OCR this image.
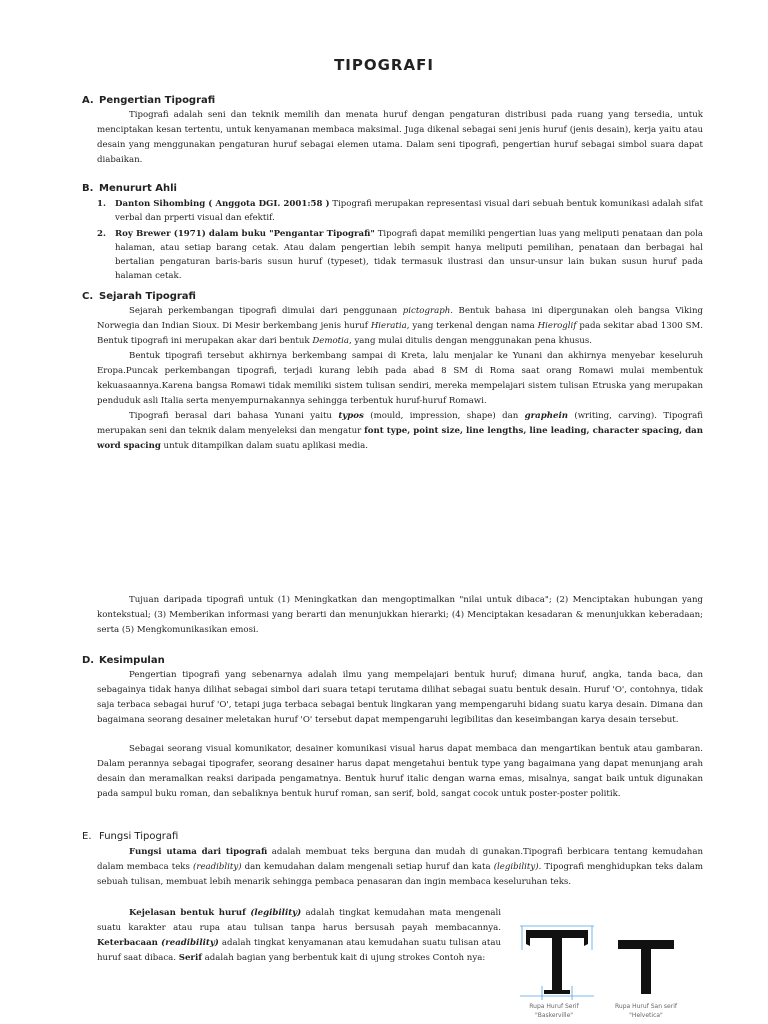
TIPOGRAFI
A. Pengertian Tipografi

Tipografi adalah seni dan teknik memilih dan menata huruf dengan pengaturan distribusi pada ruang yang tersedia, untuk menciptakan kesan tertentu, untuk kenyamanan membaca maksimal. Juga dikenal sebagai seni jenis huruf (jenis desain), kerja yaitu atau desain yang menggunakan pengaturan huruf sebagai elemen utama. Dalam seni tipografi, pengertian huruf sebagai simbol suara dapat diabaikan.

B. Menururt Ahli
1.	Danton Sihombing ( Anggota DGI. 2001:58 ) Tipografi merupakan representasi visual dari sebuah bentuk komunikasi adalah sifat verbal dan prperti visual dan efektif.
2.	Roy Brewer (1971) dalam buku "Pengantar Tipografi" Tipografi dapat memiliki pengertian luas yang meliputi penataan dan pola halaman, atau setiap barang cetak. Atau dalam pengertian lebih sempit hanya meliputi pemilihan, penataan dan berbagai hal bertalian pengaturan baris-baris susun huruf (typeset), tidak termasuk ilustrasi dan unsur-unsur lain bukan susun huruf pada halaman cetak.
C. Sejarah Tipografi

Sejarah perkembangan tipografi dimulai dari penggunaan pictograph. Bentuk bahasa ini dipergunakan oleh bangsa Viking Norwegia dan Indian Sioux. Di Mesir berkembang jenis huruf Hieratia, yang terkenal dengan nama Hieroglif pada sekitar abad 1300 SM. Bentuk tipografi ini merupakan akar dari bentuk Demotia, yang mulai ditulis dengan menggunakan pena khusus.

Bentuk tipografi tersebut akhirnya berkembang sampai di Kreta, lalu menjalar ke Yunani dan akhirnya menyebar keseluruh Eropa.Puncak perkembangan tipografi, terjadi kurang lebih pada abad 8 SM di Roma saat orang Romawi mulai membentuk kekuasaannya.Karena bangsa Romawi tidak memiliki sistem tulisan sendiri, mereka mempelajari sistem tulisan Etruska yang merupakan penduduk asli Italia serta menyempurnakannya sehingga terbentuk huruf-huruf Romawi.

Tipografi berasal dari bahasa Yunani yaitu typos (mould, impression, shape) dan graphein (writing, carving). Tipografi merupakan seni dan teknik dalam menyeleksi dan mengatur font type, point size, line lengths, line leading, character spacing, dan word spacing untuk ditampilkan dalam suatu aplikasi media.

Tujuan daripada tipografi untuk (1) Meningkatkan dan mengoptimalkan "nilai untuk dibaca"; (2) Menciptakan hubungan yang kontekstual; (3) Memberikan informasi yang berarti dan menunjukkan hierarki; (4) Menciptakan kesadaran & menunjukkan keberadaan; serta (5) Mengkomunikasikan emosi.

D. Kesimpulan

Pengertian tipografi yang sebenarnya adalah ilmu yang mempelajari bentuk huruf; dimana huruf, angka, tanda baca, dan sebagainya tidak hanya dilihat sebagai simbol dari suara tetapi terutama dilihat sebagai suatu bentuk desain. Huruf 'O', contohnya, tidak saja terbaca sebagai huruf 'O', tetapi juga terbaca sebagai bentuk lingkaran yang mempengaruhi bidang suatu karya desain. Dimana dan bagaimana seorang desainer meletakan huruf 'O' tersebut dapat mempengaruhi legibilitas dan keseimbangan karya desain tersebut.

Sebagai seorang visual komunikator, desainer komunikasi visual harus dapat membaca dan mengartikan bentuk atau gambaran. Dalam perannya sebagai tipografer, seorang desainer harus dapat mengetahui bentuk type yang bagaimana yang dapat menunjang arah desain dan meramalkan reaksi daripada pengamatnya. Bentuk huruf italic dengan warna emas, misalnya, sangat baik untuk digunakan pada sampul buku roman, dan sebaliknya bentuk huruf roman, san serif, bold, sangat cocok untuk poster-poster politik.

E. Fungsi Tipografi

Fungsi utama dari tipografi adalah membuat teks berguna dan mudah di gunakan.Tipografi berbicara tentang kemudahan dalam membaca teks (readiblity) dan kemudahan dalam mengenali setiap huruf dan kata (legibility). Tipografi menghidupkan teks dalam sebuah tulisan, membuat lebih menarik sehingga pembaca penasaran dan ingin membaca keseluruhan teks.

Kejelasan bentuk huruf (legibility) adalah tingkat kemudahan mata mengenali suatu karakter atau rupa atau tulisan tanpa harus bersusah payah membacannya. Keterbacaan (readibility) adalah tingkat kenyamanan atau kemudahan suatu tulisan atau huruf saat dibaca. Serif adalah bagian yang berbentuk kait di ujung strokes Contoh nya:

Rupa Huruf Serif
"Baskerville"
Rupa Huruf San serif
"Helvetica"
